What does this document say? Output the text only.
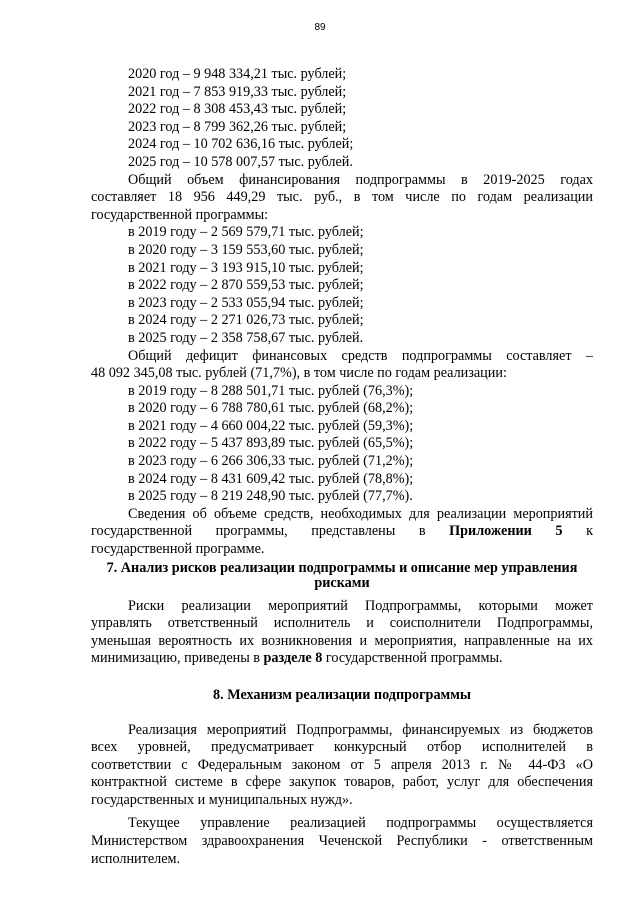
89
2020 год – 9 948 334,21 тыс. рублей;
2021 год – 7 853 919,33 тыс. рублей;
2022 год – 8 308 453,43 тыс. рублей;
2023 год – 8 799 362,26 тыс. рублей;
2024 год – 10 702 636,16 тыс. рублей;
2025 год – 10 578 007,57 тыс. рублей.
Общий объем финансирования подпрограммы в 2019-2025 годах
составляет 18 956 449,29 тыс. руб., в том числе по годам реализации
государственной программы:
в 2019 году – 2 569 579,71 тыс. рублей;
в 2020 году – 3 159 553,60 тыс. рублей;
в 2021 году – 3 193 915,10 тыс. рублей;
в 2022 году – 2 870 559,53 тыс. рублей;
в 2023 году – 2 533 055,94 тыс. рублей;
в 2024 году – 2 271 026,73 тыс. рублей;
в 2025 году – 2 358 758,67 тыс. рублей.
Общий дефицит финансовых средств подпрограммы составляет –
48 092 345,08 тыс. рублей (71,7%), в том числе по годам реализации:
в 2019 году – 8 288 501,71 тыс. рублей (76,3%);
в 2020 году – 6 788 780,61 тыс. рублей (68,2%);
в 2021 году – 4 660 004,22 тыс. рублей (59,3%);
в 2022 году – 5 437 893,89 тыс. рублей (65,5%);
в 2023 году – 6 266 306,33 тыс. рублей (71,2%);
в 2024 году – 8 431 609,42 тыс. рублей (78,8%);
в 2025 году – 8 219 248,90 тыс. рублей (77,7%).
Сведения об объеме средств, необходимых для реализации мероприятий
государственной программы, представлены в Приложении 5 к
государственной программе.
7. Анализ рисков реализации подпрограммы и описание мер управления
рисками
Риски реализации мероприятий Подпрограммы, которыми может
управлять ответственный исполнитель и соисполнители Подпрограммы,
уменьшая вероятность их возникновения и мероприятия, направленные на их
минимизацию, приведены в разделе 8 государственной программы.
8. Механизм реализации подпрограммы
Реализация мероприятий Подпрограммы, финансируемых из бюджетов
всех уровней, предусматривает конкурсный отбор исполнителей в
соответствии с Федеральным законом от 5 апреля 2013 г. № 44-ФЗ «О
контрактной системе в сфере закупок товаров, работ, услуг для обеспечения
государственных и муниципальных нужд».
Текущее управление реализацией подпрограммы осуществляется
Министерством здравоохранения Чеченской Республики - ответственным
исполнителем.
